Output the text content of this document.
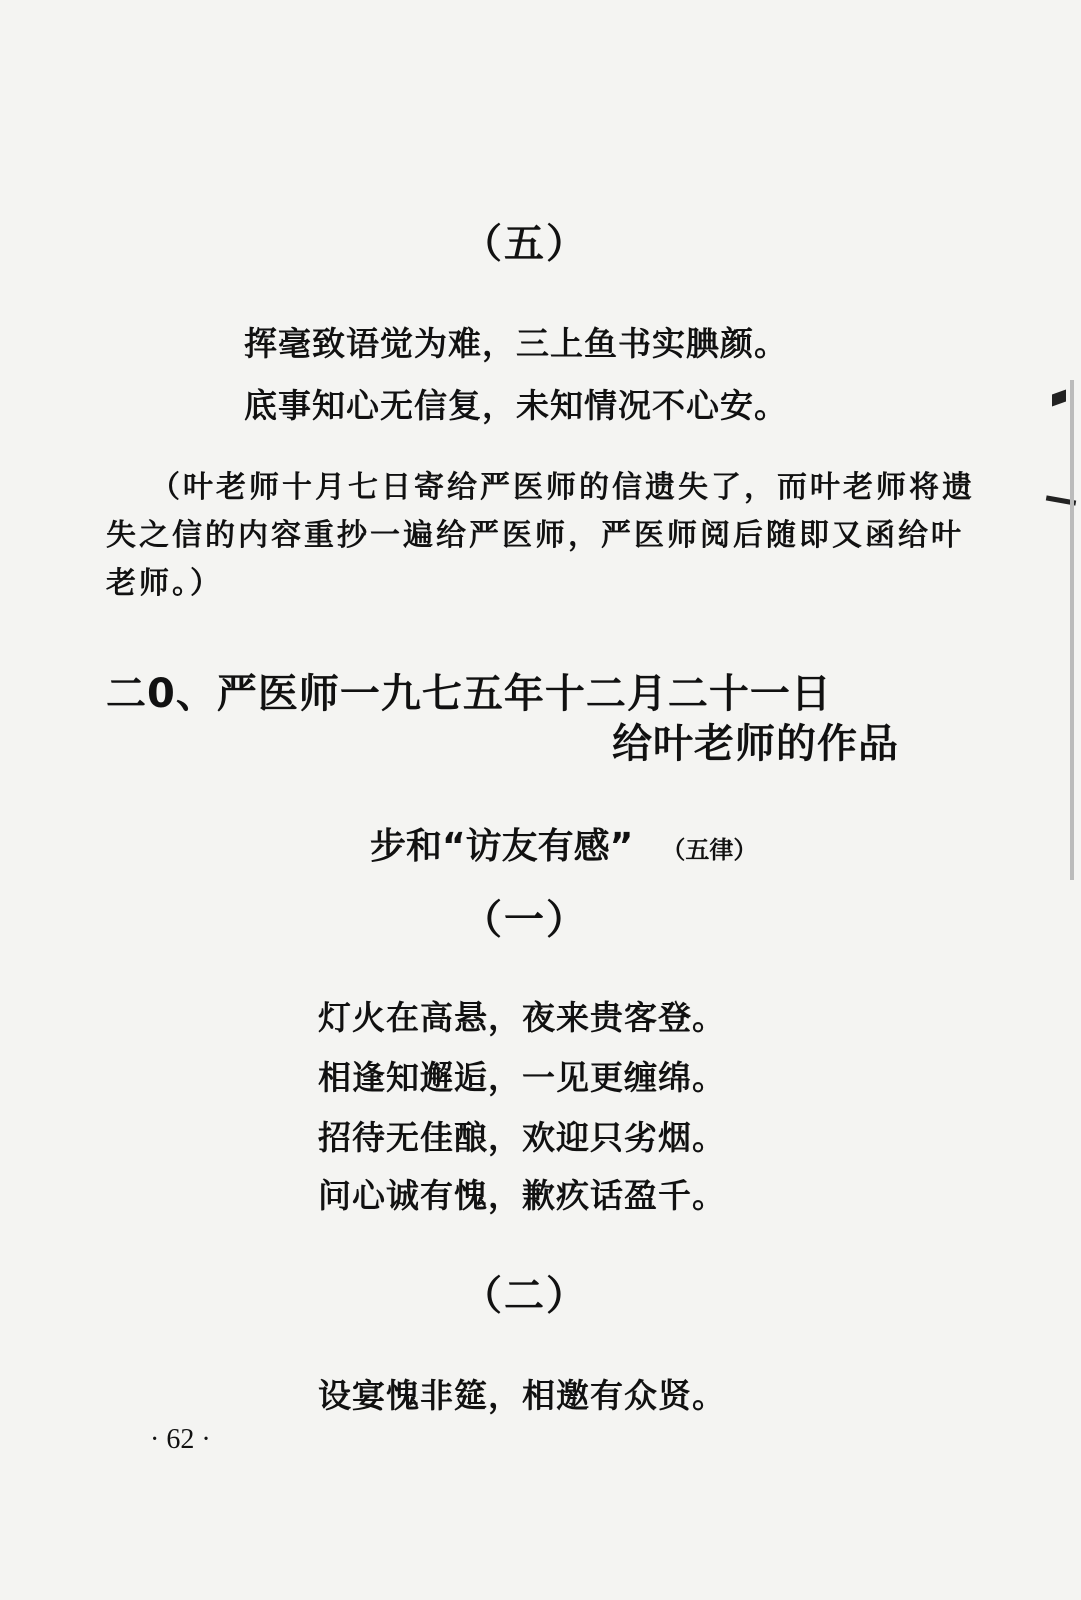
（五）
挥毫致语觉为难，三上鱼书实腆颜。
底事知心无信复，未知情况不心安。
（叶老师十月七日寄给严医师的信遗失了，而叶老师将遗
失之信的内容重抄一遍给严医师，严医师阅后随即又函给叶
老师。）
二0、严医师一九七五年十二月二十一日
给叶老师的作品
步和“访友有感” （五律）
（一）
灯火在高悬，夜来贵客登。
相逢知邂逅，一见更缠绵。
招待无佳酿，欢迎只劣烟。
问心诚有愧，歉疚话盈千。
（二）
设宴愧非筵，相邀有众贤。
· 62 ·
